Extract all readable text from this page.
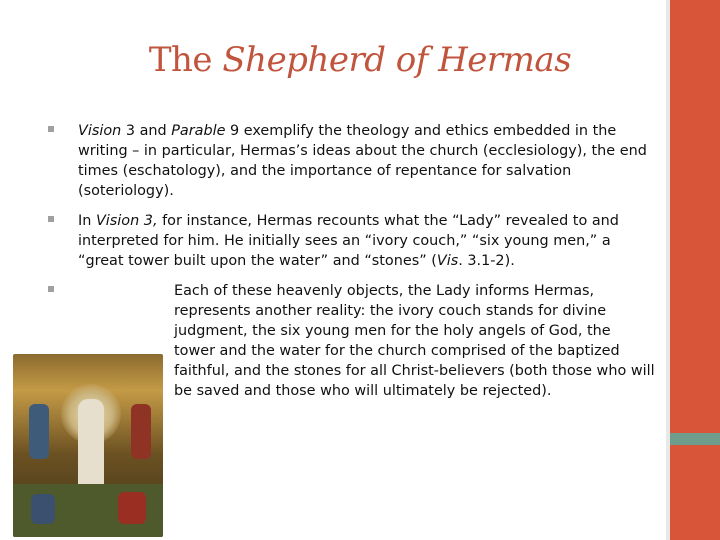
The Shepherd of Hermas
Vision 3 and Parable 9 exemplify the theology and ethics embedded in the writing – in particular, Hermas’s ideas about the church (ecclesiology), the end times (eschatology), and the importance of repentance for salvation (soteriology).
In Vision 3, for instance, Hermas recounts what the “Lady” revealed to and interpreted for him. He initially sees an “ivory couch,” “six young men,” a “great tower built upon the water” and “stones” (Vis. 3.1-2).
Each of these heavenly objects, the Lady informs Hermas, represents another reality: the ivory couch stands for divine judgment, the six young men for the holy angels of God, the tower and the water for the church comprised of the baptized faithful, and the stones for all Christ-believers (both those who will be saved and those who will ultimately be rejected).
